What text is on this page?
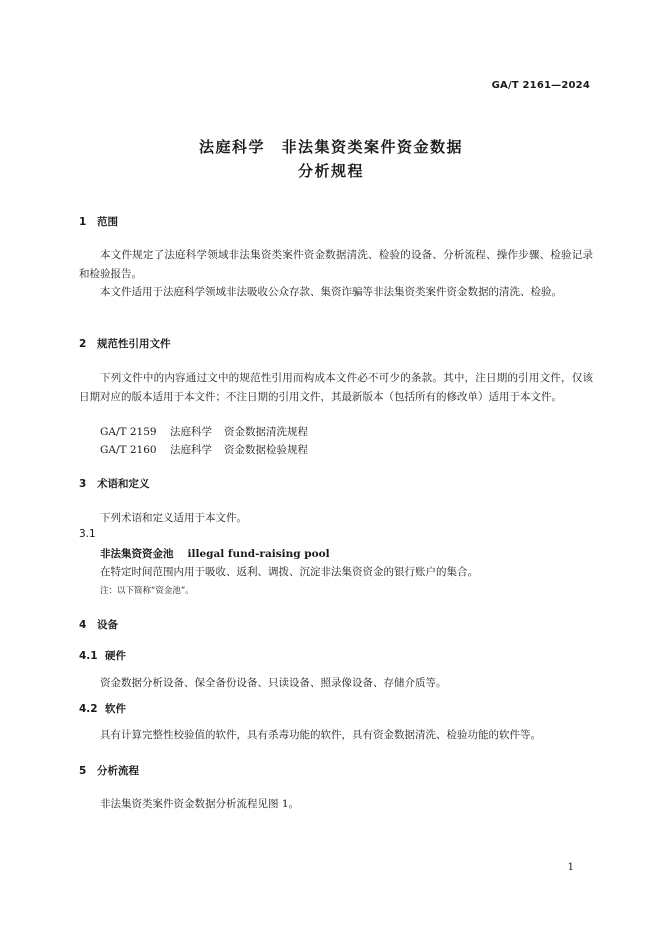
GA/T 2161—2024
法庭科学　非法集资类案件资金数据
分析规程
1 范围
本文件规定了法庭科学领域非法集资类案件资金数据清洗、检验的设备、分析流程、操作步骤、检验记录和检验报告。
本文件适用于法庭科学领域非法吸收公众存款、集资诈骗等非法集资类案件资金数据的清洗、检验。
2 规范性引用文件
下列文件中的内容通过文中的规范性引用而构成本文件必不可少的条款。其中，注日期的引用文件，仅该日期对应的版本适用于本文件；不注日期的引用文件，其最新版本（包括所有的修改单）适用于本文件。
GA/T 2159 法庭科学 资金数据清洗规程
GA/T 2160 法庭科学 资金数据检验规程
3 术语和定义
下列术语和定义适用于本文件。
3.1
非法集资资金池 illegal fund-raising pool
在特定时间范围内用于吸收、返利、调拨、沉淀非法集资资金的银行账户的集合。
注：以下简称“资金池”。
4 设备
4.1 硬件
资金数据分析设备、保全备份设备、只读设备、照录像设备、存储介质等。
4.2 软件
具有计算完整性校验值的软件，具有杀毒功能的软件，具有资金数据清洗、检验功能的软件等。
5 分析流程
非法集资类案件资金数据分析流程见图 1。
1
